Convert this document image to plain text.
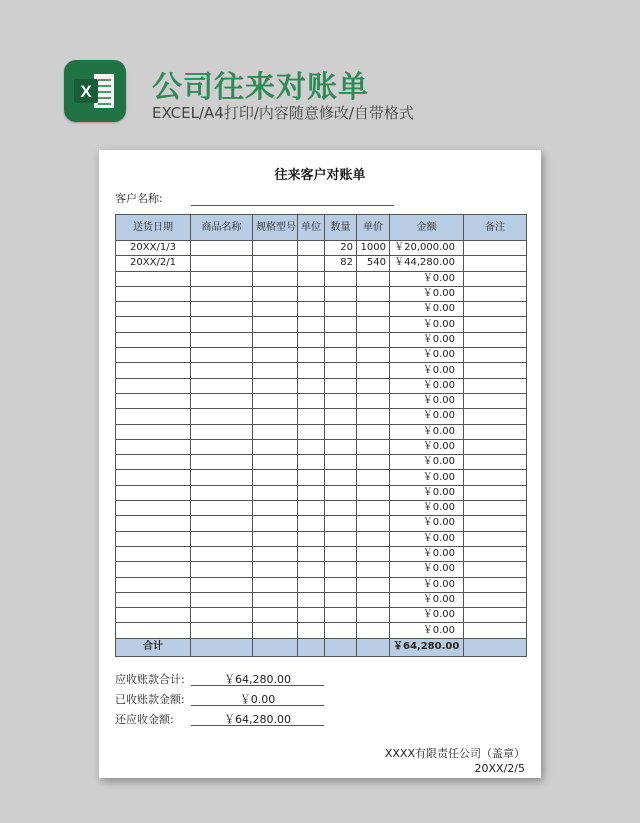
X 公司往来对账单
EXCEL/A4打印/内容随意修改/自带格式
往来客户对账单
客户名称:
送货日期	商品名称	规格型号	单位	数量	单价	金额	备注
20XX/1/3				20	1000	￥20,000.00	
20XX/2/1				82	540	￥44,280.00	
						￥0.00	
						￥0.00	
						￥0.00	
						￥0.00	
						￥0.00	
						￥0.00	
						￥0.00	
						￥0.00	
						￥0.00	
						￥0.00	
						￥0.00	
						￥0.00	
						￥0.00	
						￥0.00	
						￥0.00	
						￥0.00	
						￥0.00	
						￥0.00	
						￥0.00	
						￥0.00	
						￥0.00	
						￥0.00	
						￥0.00	
						￥0.00	
合计						￥64,280.00	
应收账款合计:	￥64,280.00
已收账款金额:	￥0.00
还应收金额:	￥64,280.00
XXXX有限责任公司（盖章）
20XX/2/5
